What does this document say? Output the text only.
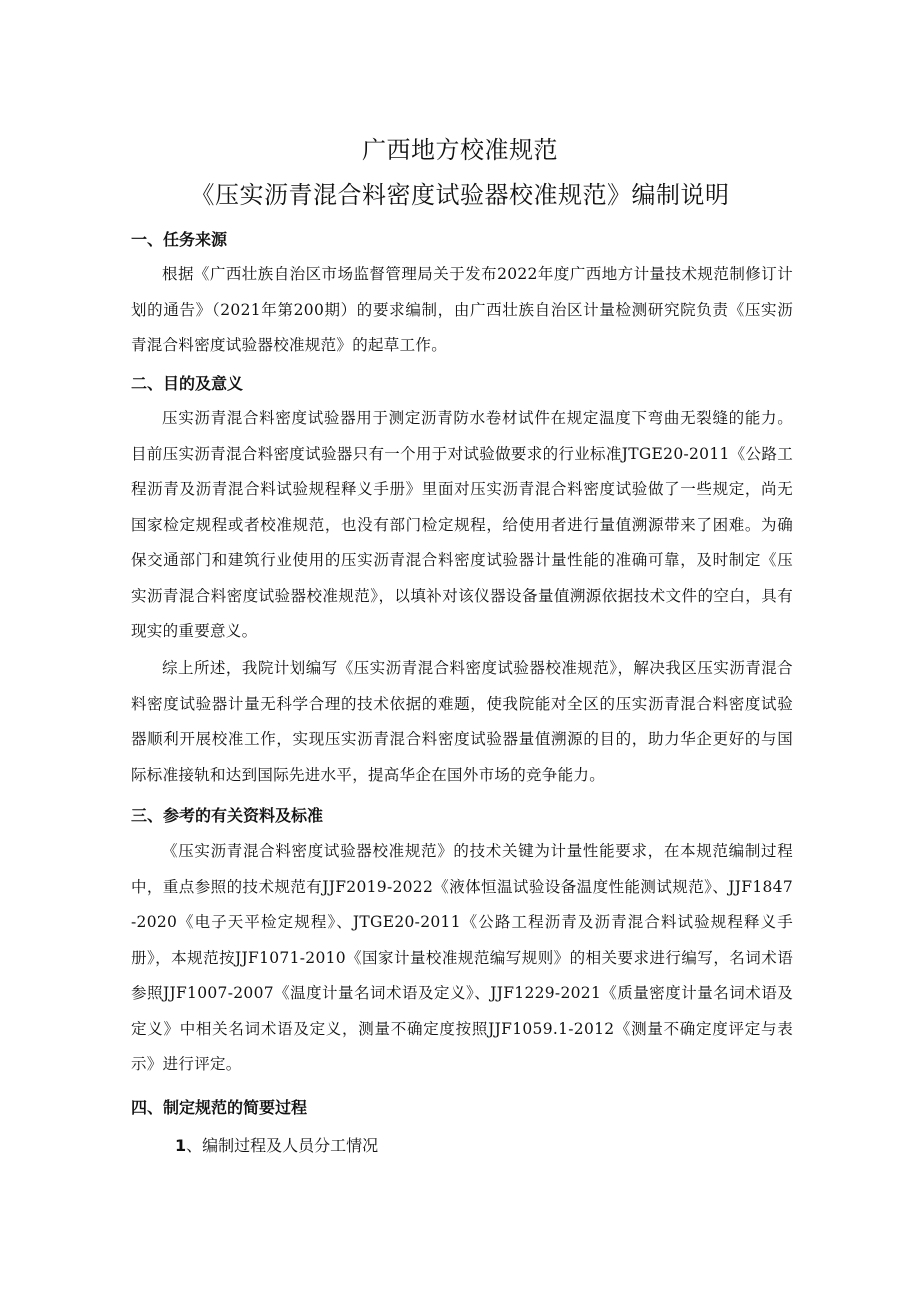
广西地方校准规范
《压实沥青混合料密度试验器校准规范》编制说明
一、任务来源
根据《广西壮族自治区市场监督管理局关于发布2022年度广西地方计量技术规范制修订计划的通告》（2021年第200期）的要求编制，由广西壮族自治区计量检测研究院负责《压实沥青混合料密度试验器校准规范》的起草工作。
二、目的及意义
压实沥青混合料密度试验器用于测定沥青防水卷材试件在规定温度下弯曲无裂缝的能力。目前压实沥青混合料密度试验器只有一个用于对试验做要求的行业标准JTGE20-2011《公路工程沥青及沥青混合料试验规程释义手册》里面对压实沥青混合料密度试验做了一些规定，尚无国家检定规程或者校准规范，也没有部门检定规程，给使用者进行量值溯源带来了困难。为确保交通部门和建筑行业使用的压实沥青混合料密度试验器计量性能的准确可靠，及时制定《压实沥青混合料密度试验器校准规范》，以填补对该仪器设备量值溯源依据技术文件的空白，具有现实的重要意义。
综上所述，我院计划编写《压实沥青混合料密度试验器校准规范》，解决我区压实沥青混合料密度试验器计量无科学合理的技术依据的难题，使我院能对全区的压实沥青混合料密度试验器顺利开展校准工作，实现压实沥青混合料密度试验器量值溯源的目的，助力华企更好的与国际标准接轨和达到国际先进水平，提高华企在国外市场的竞争能力。
三、参考的有关资料及标准
《压实沥青混合料密度试验器校准规范》的技术关键为计量性能要求，在本规范编制过程中，重点参照的技术规范有JJF2019-2022《液体恒温试验设备温度性能测试规范》、JJF1847-2020《电子天平检定规程》、JTGE20-2011《公路工程沥青及沥青混合料试验规程释义手册》，本规范按JJF1071-2010《国家计量校准规范编写规则》的相关要求进行编写，名词术语参照JJF1007-2007《温度计量名词术语及定义》、JJF1229-2021《质量密度计量名词术语及定义》中相关名词术语及定义，测量不确定度按照JJF1059.1-2012《测量不确定度评定与表示》进行评定。
四、制定规范的简要过程
1、编制过程及人员分工情况
